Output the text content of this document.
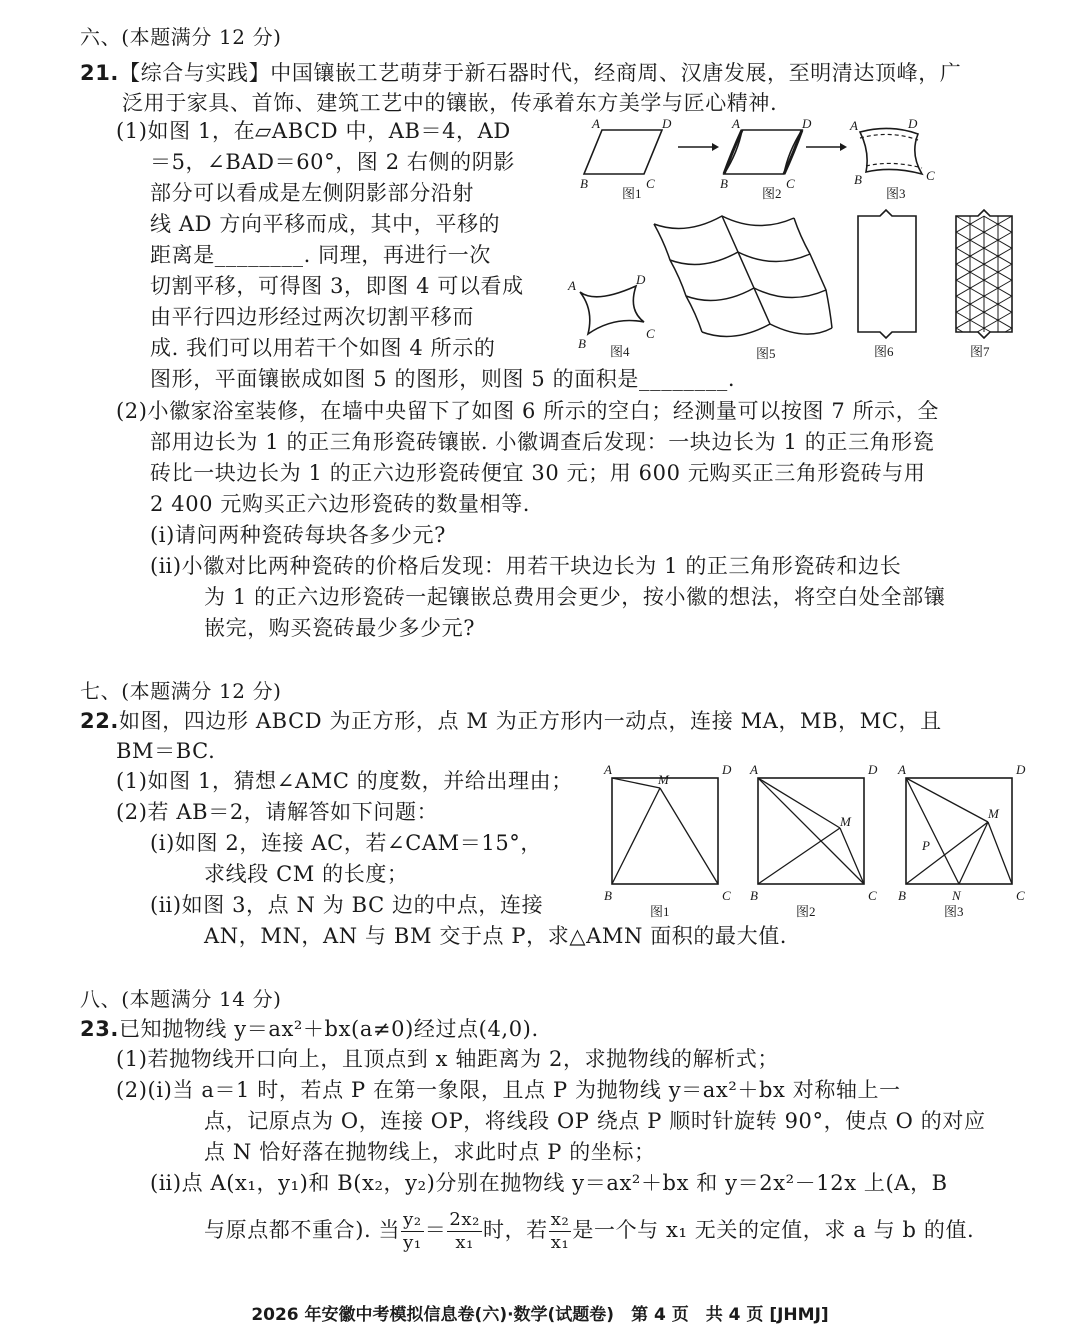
六、(本题满分 12 分)
21.【综合与实践】中国镶嵌工艺萌芽于新石器时代，经商周、汉唐发展，至明清达顶峰，广
泛用于家具、首饰、建筑工艺中的镶嵌，传承着东方美学与匠心精神.
(1)如图 1，在▱ABCD 中，AB＝4，AD
＝5，∠BAD＝60°，图 2 右侧的阴影
部分可以看成是左侧阴影部分沿射
线 AD 方向平移而成，其中，平移的
距离是________. 同理，再进行一次
切割平移，可得图 3，即图 4 可以看成
由平行四边形经过两次切割平移而
成. 我们可以用若干个如图 4 所示的
图形，平面镶嵌成如图 5 的图形，则图 5 的面积是________.
A	D
B	C
图1
A	D
B	C
图2
A	D
B	C
图3
A	D
B
C
图4	图5	图6	图7
(2)小徽家浴室装修，在墙中央留下了如图 6 所示的空白；经测量可以按图 7 所示，全
部用边长为 1 的正三角形瓷砖镶嵌. 小徽调查后发现：一块边长为 1 的正三角形瓷
砖比一块边长为 1 的正六边形瓷砖便宜 30 元；用 600 元购买正三角形瓷砖与用
2 400 元购买正六边形瓷砖的数量相等.
(ⅰ)请问两种瓷砖每块各多少元?
(ⅱ)小徽对比两种瓷砖的价格后发现：用若干块边长为 1 的正三角形瓷砖和边长
为 1 的正六边形瓷砖一起镶嵌总费用会更少，按小徽的想法，将空白处全部镶
嵌完，购买瓷砖最少多少元?
七、(本题满分 12 分)
22.如图，四边形 ABCD 为正方形，点 M 为正方形内一动点，连接 MA，MB，MC，且
BM＝BC.
(1)如图 1，猜想∠AMC 的度数，并给出理由；
(2)若 AB＝2，请解答如下问题：
(ⅰ)如图 2，连接 AC，若∠CAM＝15°，
求线段 CM 的长度；
(ⅱ)如图 3，点 N 为 BC 边的中点，连接
AN，MN，AN 与 BM 交于点 P，求△AMN 面积的最大值.
A	D
B	C
M
图1
A	D
B	C
M
图2
A	D
B	C
M
N
P
图3
八、(本题满分 14 分)
23.已知抛物线 y＝ax²＋bx(a≠0)经过点(4,0).
(1)若抛物线开口向上，且顶点到 x 轴距离为 2，求抛物线的解析式；
(2)(ⅰ)当 a＝1 时，若点 P 在第一象限，且点 P 为抛物线 y＝ax²＋bx 对称轴上一
点，记原点为 O，连接 OP，将线段 OP 绕点 P 顺时针旋转 90°，使点 O 的对应
点 N 恰好落在抛物线上，求此时点 P 的坐标；
(ⅱ)点 A(x₁，y₁)和 B(x₂，y₂)分别在抛物线 y＝ax²＋bx 和 y＝2x²－12x 上(A，B
与原点都不重合). 当 $\frac{\text{y₂}}{\text{y₁}} = \frac{\text{2x₂}}{\text{x₁}}$ 时，若 $\frac{\text{x₂}}{\text{x₁}}$ 是一个与 x₁ 无关的定值，求 a 与 b 的值.
2026 年安徽中考模拟信息卷(六)·数学(试题卷)　第 4 页　共 4 页 [JHMJ]
